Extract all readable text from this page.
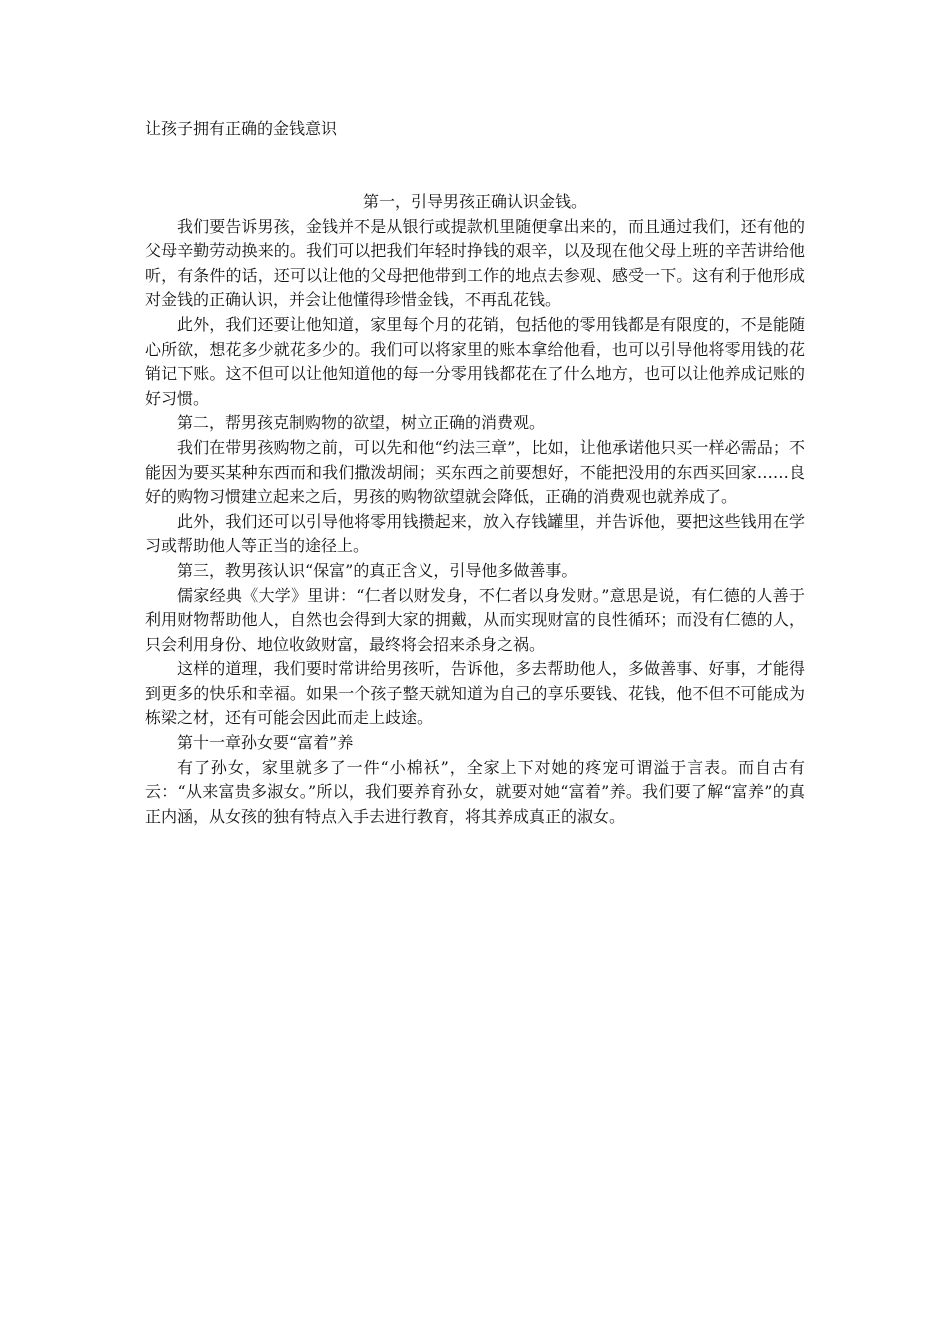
让孩子拥有正确的金钱意识

第一，引导男孩正确认识金钱。

我们要告诉男孩，金钱并不是从银行或提款机里随便拿出来的，而且通过我们，还有他的父母辛勤劳动换来的。我们可以把我们年轻时挣钱的艰辛，以及现在他父母上班的辛苦讲给他听，有条件的话，还可以让他的父母把他带到工作的地点去参观、感受一下。这有利于他形成对金钱的正确认识，并会让他懂得珍惜金钱，不再乱花钱。

此外，我们还要让他知道，家里每个月的花销，包括他的零用钱都是有限度的，不是能随心所欲，想花多少就花多少的。我们可以将家里的账本拿给他看，也可以引导他将零用钱的花销记下账。这不但可以让他知道他的每一分零用钱都花在了什么地方，也可以让他养成记账的好习惯。

第二，帮男孩克制购物的欲望，树立正确的消费观。

我们在带男孩购物之前，可以先和他“约法三章”，比如，让他承诺他只买一样必需品；不能因为要买某种东西而和我们撒泼胡闹；买东西之前要想好，不能把没用的东西买回家……良好的购物习惯建立起来之后，男孩的购物欲望就会降低，正确的消费观也就养成了。

此外，我们还可以引导他将零用钱攒起来，放入存钱罐里，并告诉他，要把这些钱用在学习或帮助他人等正当的途径上。

第三，教男孩认识“保富”的真正含义，引导他多做善事。

儒家经典《大学》里讲：“仁者以财发身，不仁者以身发财。”意思是说，有仁德的人善于利用财物帮助他人，自然也会得到大家的拥戴，从而实现财富的良性循环；而没有仁德的人，只会利用身份、地位收敛财富，最终将会招来杀身之祸。

这样的道理，我们要时常讲给男孩听，告诉他，多去帮助他人，多做善事、好事，才能得到更多的快乐和幸福。如果一个孩子整天就知道为自己的享乐要钱、花钱，他不但不可能成为栋梁之材，还有可能会因此而走上歧途。

第十一章孙女要“富着”养

有了孙女，家里就多了一件“小棉袄”，全家上下对她的疼宠可谓溢于言表。而自古有云：“从来富贵多淑女。”所以，我们要养育孙女，就要对她“富着”养。我们要了解“富养”的真正内涵，从女孩的独有特点入手去进行教育，将其养成真正的淑女。
